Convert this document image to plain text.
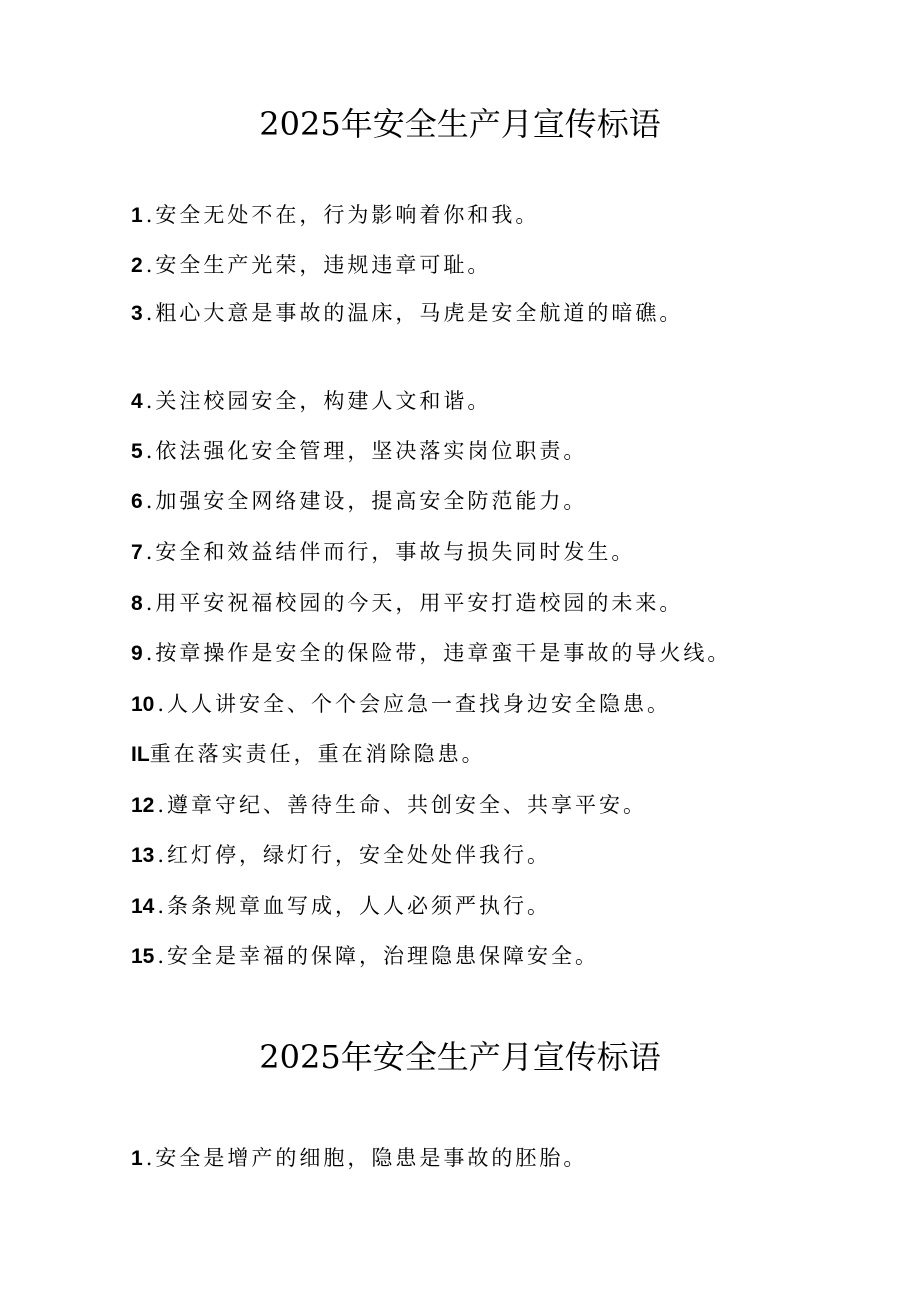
2025年安全生产月宣传标语
1 .安全无处不在，行为影响着你和我。
2 .安全生产光荣，违规违章可耻。
3 .粗心大意是事故的温床，马虎是安全航道的暗礁。
4 .关注校园安全，构建人文和谐。
5 .依法强化安全管理，坚决落实岗位职责。
6 .加强安全网络建设，提高安全防范能力。
7 .安全和效益结伴而行，事故与损失同时发生。
8 .用平安祝福校园的今天，用平安打造校园的未来。
9 .按章操作是安全的保险带，违章蛮干是事故的导火线。
10 .人人讲安全、个个会应急一查找身边安全隐患。
IL重在落实责任，重在消除隐患。
12 .遵章守纪、善待生命、共创安全、共享平安。
13 .红灯停，绿灯行，安全处处伴我行。
14 .条条规章血写成，人人必须严执行。
15 .安全是幸福的保障，治理隐患保障安全。
2025年安全生产月宣传标语
1 .安全是增产的细胞，隐患是事故的胚胎。
